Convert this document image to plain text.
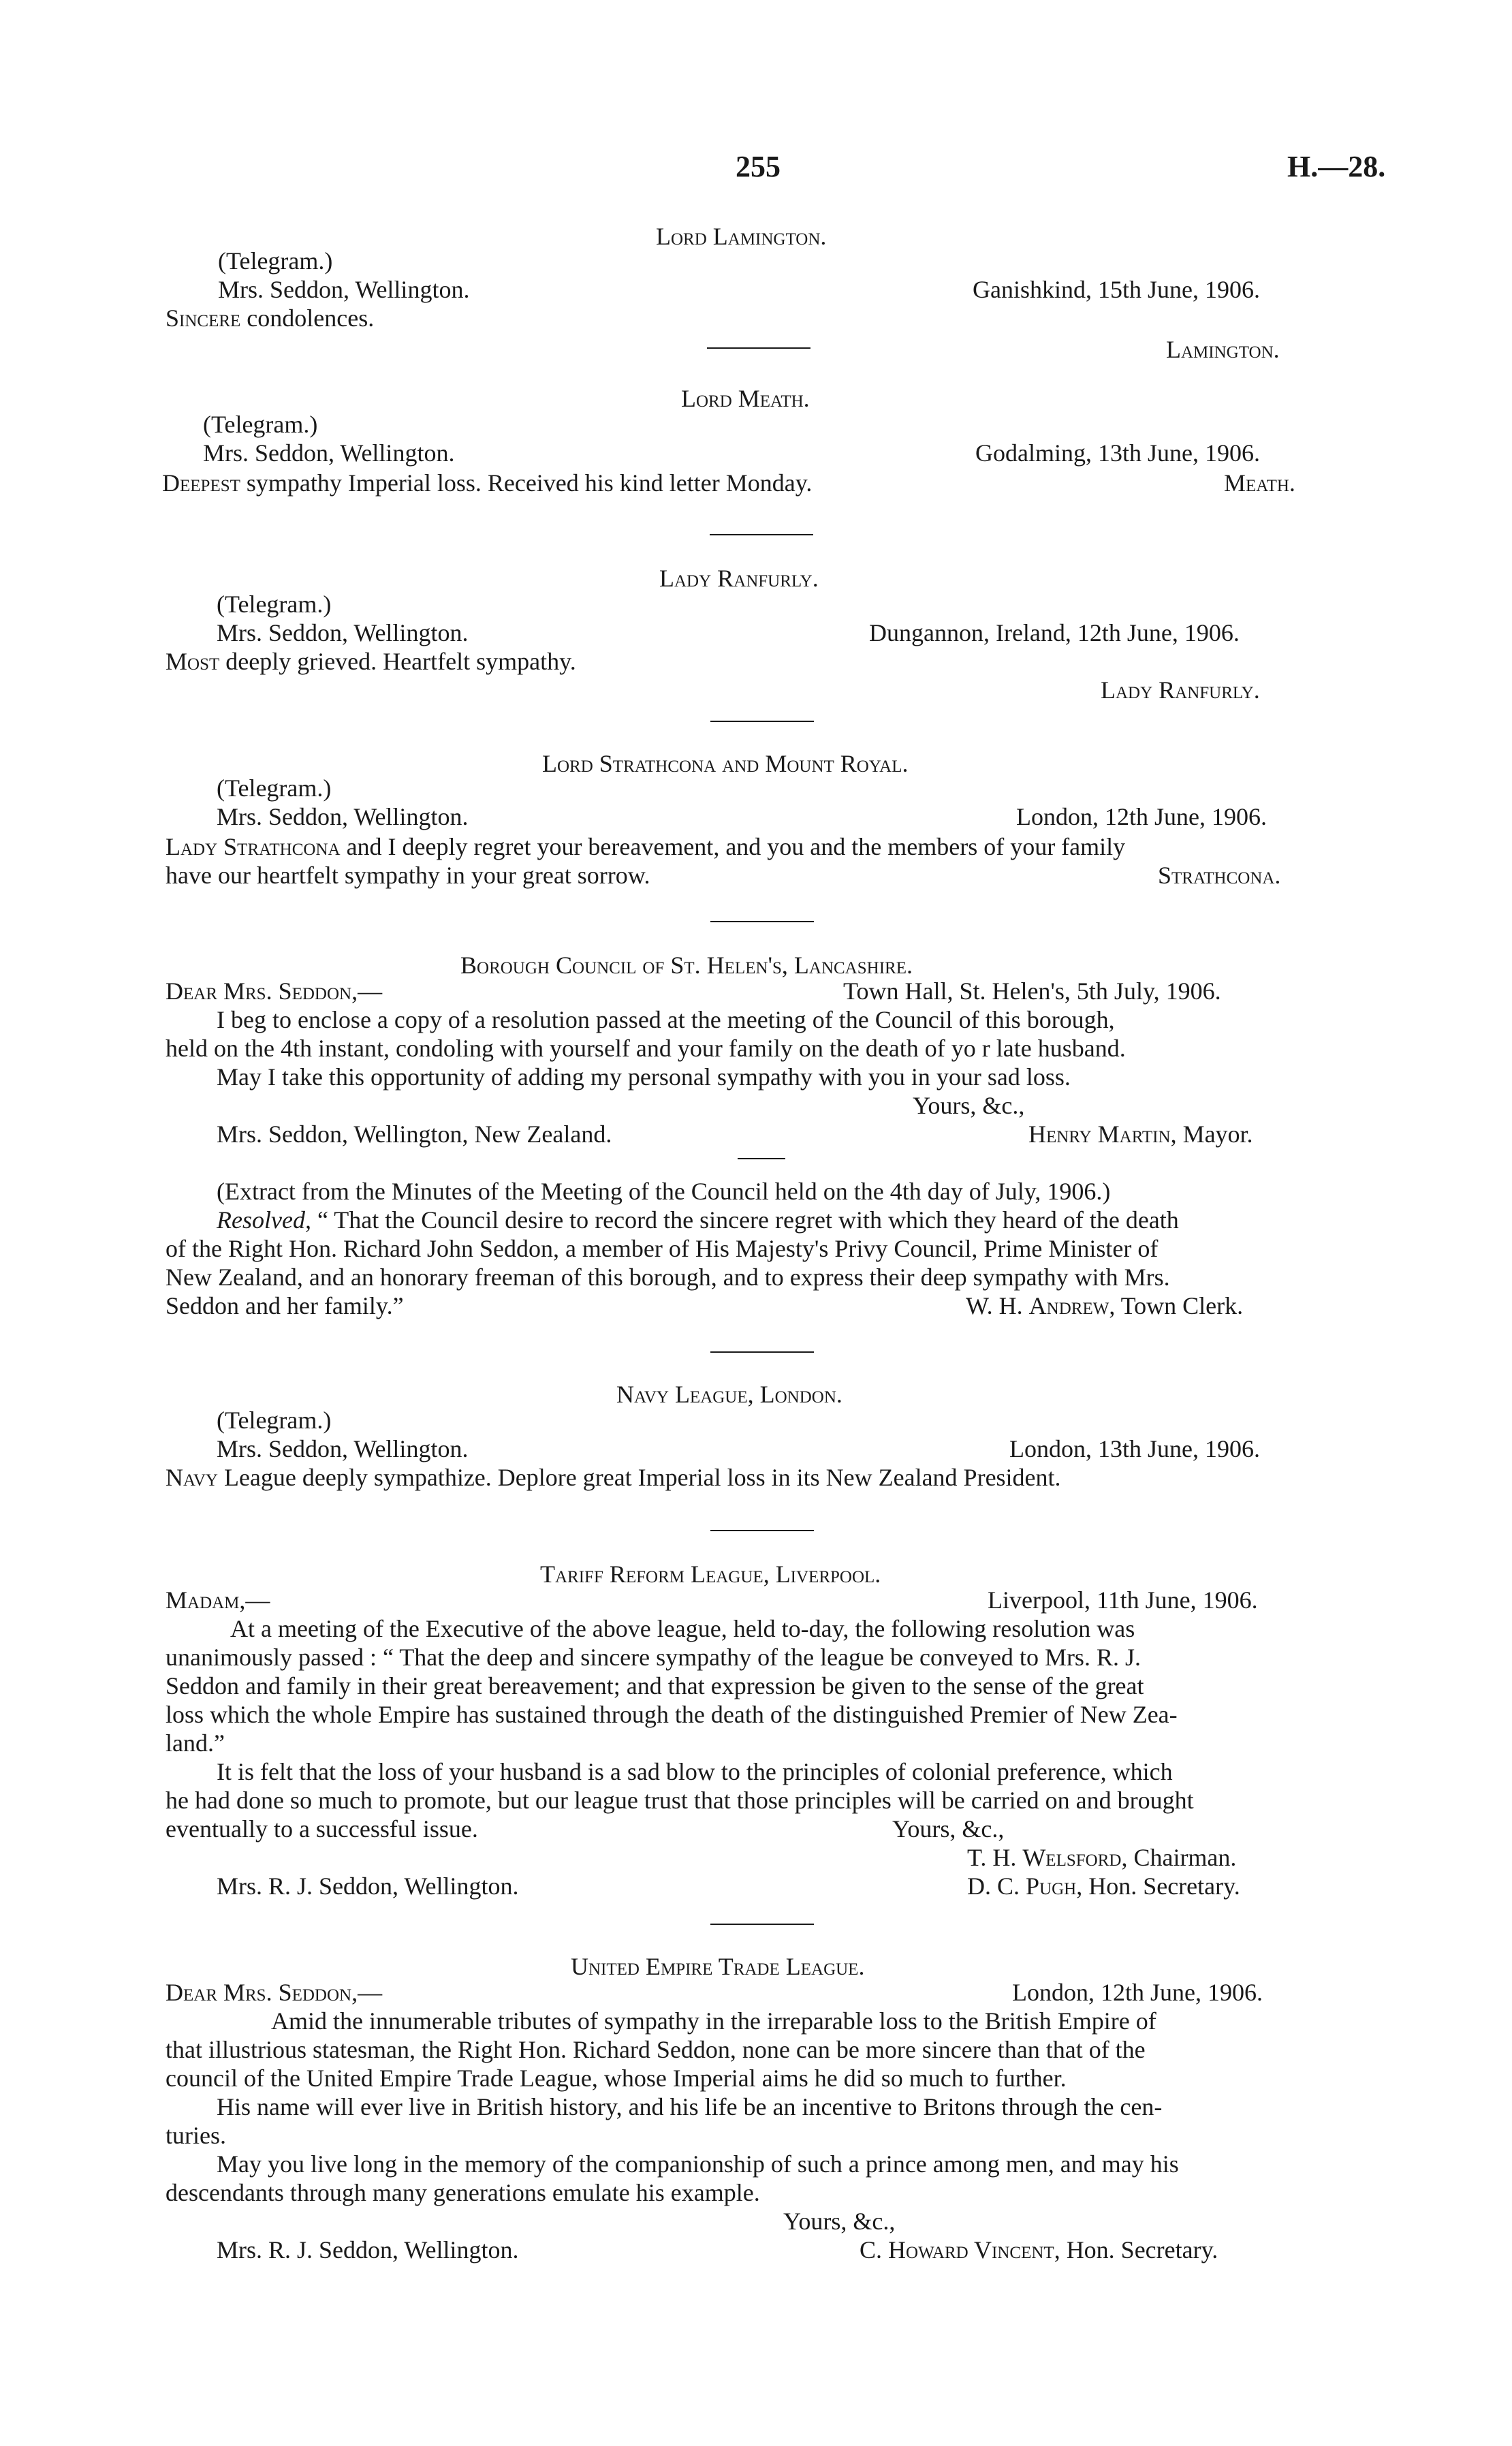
255	H.—28.
Lord Lamington.
(Telegram.)
Mrs. Seddon, Wellington.	Ganishkind, 15th June, 1906.
Sincere condolences.
Lamington.
Lord Meath.
(Telegram.)
Mrs. Seddon, Wellington.	Godalming, 13th June, 1906.
Deepest sympathy Imperial loss. Received his kind letter Monday.	Meath.
Lady Ranfurly.
(Telegram.)
Mrs. Seddon, Wellington.	Dungannon, Ireland, 12th June, 1906.
Most deeply grieved. Heartfelt sympathy.
Lady Ranfurly.
Lord Strathcona and Mount Royal.
(Telegram.)
Mrs. Seddon, Wellington.	London, 12th June, 1906.
Lady Strathcona and I deeply regret your bereavement, and you and the members of your family
have our heartfelt sympathy in your great sorrow.	Strathcona.
Borough Council of St. Helen's, Lancashire.
Dear Mrs. Seddon,—	Town Hall, St. Helen's, 5th July, 1906.
I beg to enclose a copy of a resolution passed at the meeting of the Council of this borough,
held on the 4th instant, condoling with yourself and your family on the death of yo r late husband.
May I take this opportunity of adding my personal sympathy with you in your sad loss.
Yours, &c.,
Mrs. Seddon, Wellington, New Zealand.	Henry Martin, Mayor.
(Extract from the Minutes of the Meeting of the Council held on the 4th day of July, 1906.)
Resolved, “ That the Council desire to record the sincere regret with which they heard of the death
of the Right Hon. Richard John Seddon, a member of His Majesty's Privy Council, Prime Minister of
New Zealand, and an honorary freeman of this borough, and to express their deep sympathy with Mrs.
Seddon and her family.”	W. H. Andrew, Town Clerk.
Navy League, London.
(Telegram.)
Mrs. Seddon, Wellington.	London, 13th June, 1906.
Navy League deeply sympathize. Deplore great Imperial loss in its New Zealand President.
Tariff Reform League, Liverpool.
Madam,—	Liverpool, 11th June, 1906.
At a meeting of the Executive of the above league, held to-day, the following resolution was
unanimously passed : “ That the deep and sincere sympathy of the league be conveyed to Mrs. R. J.
Seddon and family in their great bereavement; and that expression be given to the sense of the great
loss which the whole Empire has sustained through the death of the distinguished Premier of New Zea-
land.”
It is felt that the loss of your husband is a sad blow to the principles of colonial preference, which
he had done so much to promote, but our league trust that those principles will be carried on and brought
eventually to a successful issue.	Yours, &c.,
T. H. Welsford, Chairman.
Mrs. R. J. Seddon, Wellington.	D. C. Pugh, Hon. Secretary.
United Empire Trade League.
Dear Mrs. Seddon,—	London, 12th June, 1906.
Amid the innumerable tributes of sympathy in the irreparable loss to the British Empire of
that illustrious statesman, the Right Hon. Richard Seddon, none can be more sincere than that of the
council of the United Empire Trade League, whose Imperial aims he did so much to further.
His name will ever live in British history, and his life be an incentive to Britons through the cen-
turies.
May you live long in the memory of the companionship of such a prince among men, and may his
descendants through many generations emulate his example.
Yours, &c.,
Mrs. R. J. Seddon, Wellington.	C. Howard Vincent, Hon. Secretary.
